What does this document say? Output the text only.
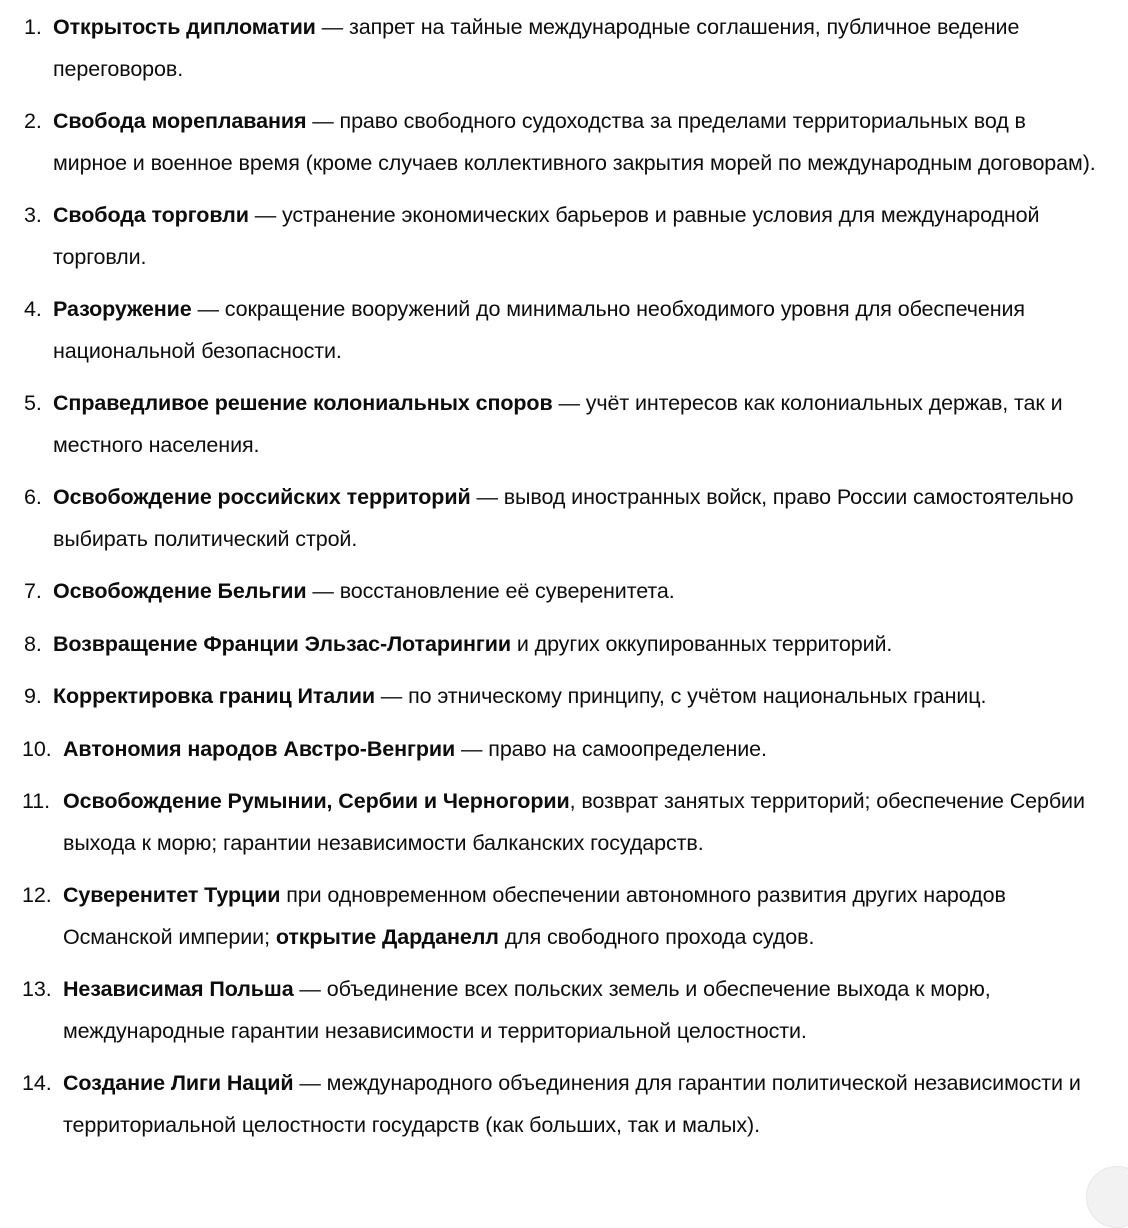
1. Открытость дипломатии — запрет на тайные международные соглашения, публичное ведение переговоров.
2. Свобода мореплавания — право свободного судоходства за пределами территориальных вод в мирное и военное время (кроме случаев коллективного закрытия морей по международным договорам).
3. Свобода торговли — устранение экономических барьеров и равные условия для международной торговли.
4. Разоружение — сокращение вооружений до минимально необходимого уровня для обеспечения национальной безопасности.
5. Справедливое решение колониальных споров — учёт интересов как колониальных держав, так и местного населения.
6. Освобождение российских территорий — вывод иностранных войск, право России самостоятельно выбирать политический строй.
7. Освобождение Бельгии — восстановление её суверенитета.
8. Возвращение Франции Эльзас-Лотарингии и других оккупированных территорий.
9. Корректировка границ Италии — по этническому принципу, с учётом национальных границ.
10. Автономия народов Австро-Венгрии — право на самоопределение.
11. Освобождение Румынии, Сербии и Черногории, возврат занятых территорий; обеспечение Сербии выхода к морю; гарантии независимости балканских государств.
12. Суверенитет Турции при одновременном обеспечении автономного развития других народов Османской империи; открытие Дарданелл для свободного прохода судов.
13. Независимая Польша — объединение всех польских земель и обеспечение выхода к морю, международные гарантии независимости и территориальной целостности.
14. Создание Лиги Наций — международного объединения для гарантии политической независимости и территориальной целостности государств (как больших, так и малых).
